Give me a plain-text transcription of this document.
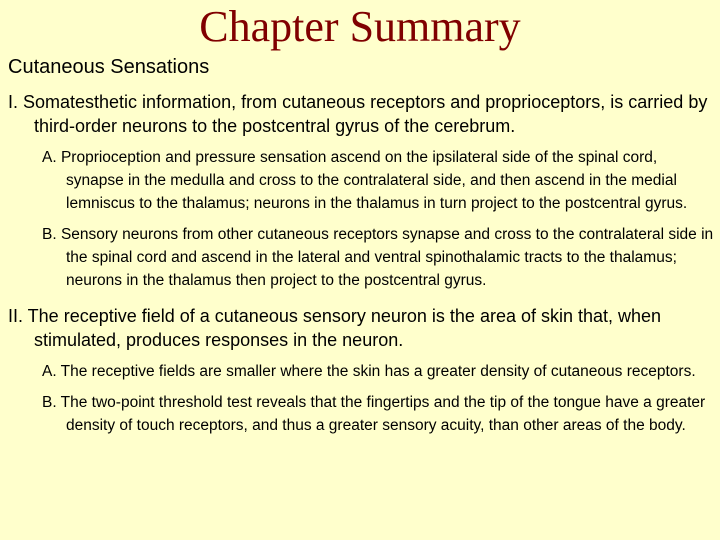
Chapter Summary
Cutaneous Sensations

I. Somatesthetic information, from cutaneous receptors and proprioceptors, is carried by third-order neurons to the postcentral gyrus of the cerebrum.

A. Proprioception and pressure sensation ascend on the ipsilateral side of the spinal cord, synapse in the medulla and cross to the contralateral side, and then ascend in the medial lemniscus to the thalamus; neurons in the thalamus in turn project to the postcentral gyrus.

B. Sensory neurons from other cutaneous receptors synapse and cross to the contralateral side in the spinal cord and ascend in the lateral and ventral spinothalamic tracts to the thalamus; neurons in the thalamus then project to the postcentral gyrus.

II. The receptive field of a cutaneous sensory neuron is the area of skin that, when stimulated, produces responses in the neuron.

A. The receptive fields are smaller where the skin has a greater density of cutaneous receptors.

B. The two-point threshold test reveals that the fingertips and the tip of the tongue have a greater density of touch receptors, and thus a greater sensory acuity, than other areas of the body.
